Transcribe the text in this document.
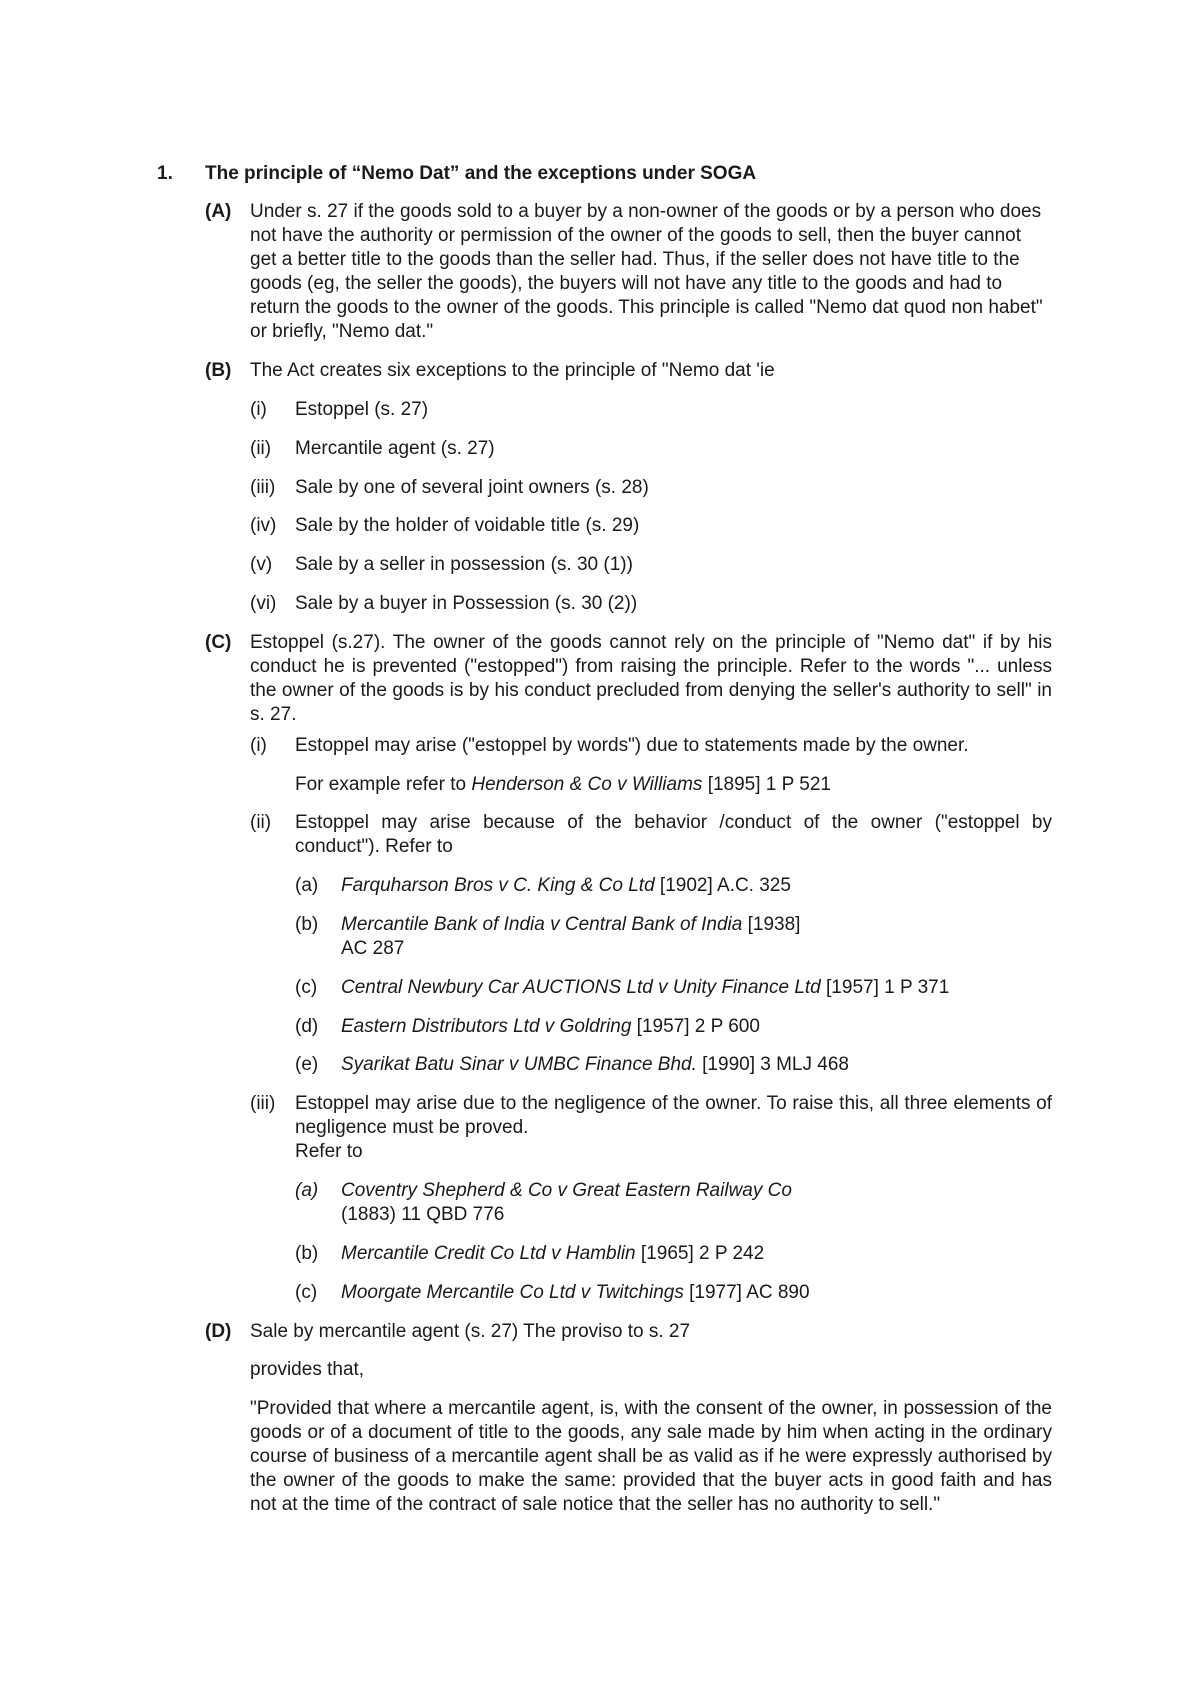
1. The principle of “Nemo Dat” and the exceptions under SOGA
(A) Under s. 27 if the goods sold to a buyer by a non-owner of the goods or by a person who does not have the authority or permission of the owner of the goods to sell, then the buyer cannot get a better title to the goods than the seller had. Thus, if the seller does not have title to the goods (eg, the seller the goods), the buyers will not have any title to the goods and had to return the goods to the owner of the goods. This principle is called "Nemo dat quod non habet" or briefly, "Nemo dat."
(B) The Act creates six exceptions to the principle of "Nemo dat 'ie
(i) Estoppel (s. 27)
(ii) Mercantile agent (s. 27)
(iii) Sale by one of several joint owners (s. 28)
(iv) Sale by the holder of voidable title (s. 29)
(v) Sale by a seller in possession (s. 30 (1))
(vi) Sale by a buyer in Possession (s. 30 (2))
(C) Estoppel (s.27). The owner of the goods cannot rely on the principle of "Nemo dat" if by his conduct he is prevented ("estopped") from raising the principle. Refer to the words "... unless the owner of the goods is by his conduct precluded from denying the seller's authority to sell" in s. 27.
(i) Estoppel may arise ("estoppel by words") due to statements made by the owner.
For example refer to Henderson & Co v Williams [1895] 1 P 521
(ii) Estoppel may arise because of the behavior /conduct of the owner ("estoppel by conduct"). Refer to
(a) Farquharson Bros v C. King & Co Ltd [1902] A.C. 325
(b) Mercantile Bank of India v Central Bank of India [1938]
AC 287
(c) Central Newbury Car AUCTIONS Ltd v Unity Finance Ltd [1957] 1 P 371
(d) Eastern Distributors Ltd v Goldring [1957] 2 P 600
(e) Syarikat Batu Sinar v UMBC Finance Bhd. [1990] 3 MLJ 468
(iii) Estoppel may arise due to the negligence of the owner. To raise this, all three elements of negligence must be proved.
Refer to
(a) Coventry Shepherd & Co v Great Eastern Railway Co
(1883) 11 QBD 776
(b) Mercantile Credit Co Ltd v Hamblin [1965] 2 P 242
(c) Moorgate Mercantile Co Ltd v Twitchings [1977] AC 890
(D) Sale by mercantile agent (s. 27) The proviso to s. 27
provides that,
"Provided that where a mercantile agent, is, with the consent of the owner, in possession of the goods or of a document of title to the goods, any sale made by him when acting in the ordinary course of business of a mercantile agent shall be as valid as if he were expressly authorised by the owner of the goods to make the same: provided that the buyer acts in good faith and has not at the time of the contract of sale notice that the seller has no authority to sell."
